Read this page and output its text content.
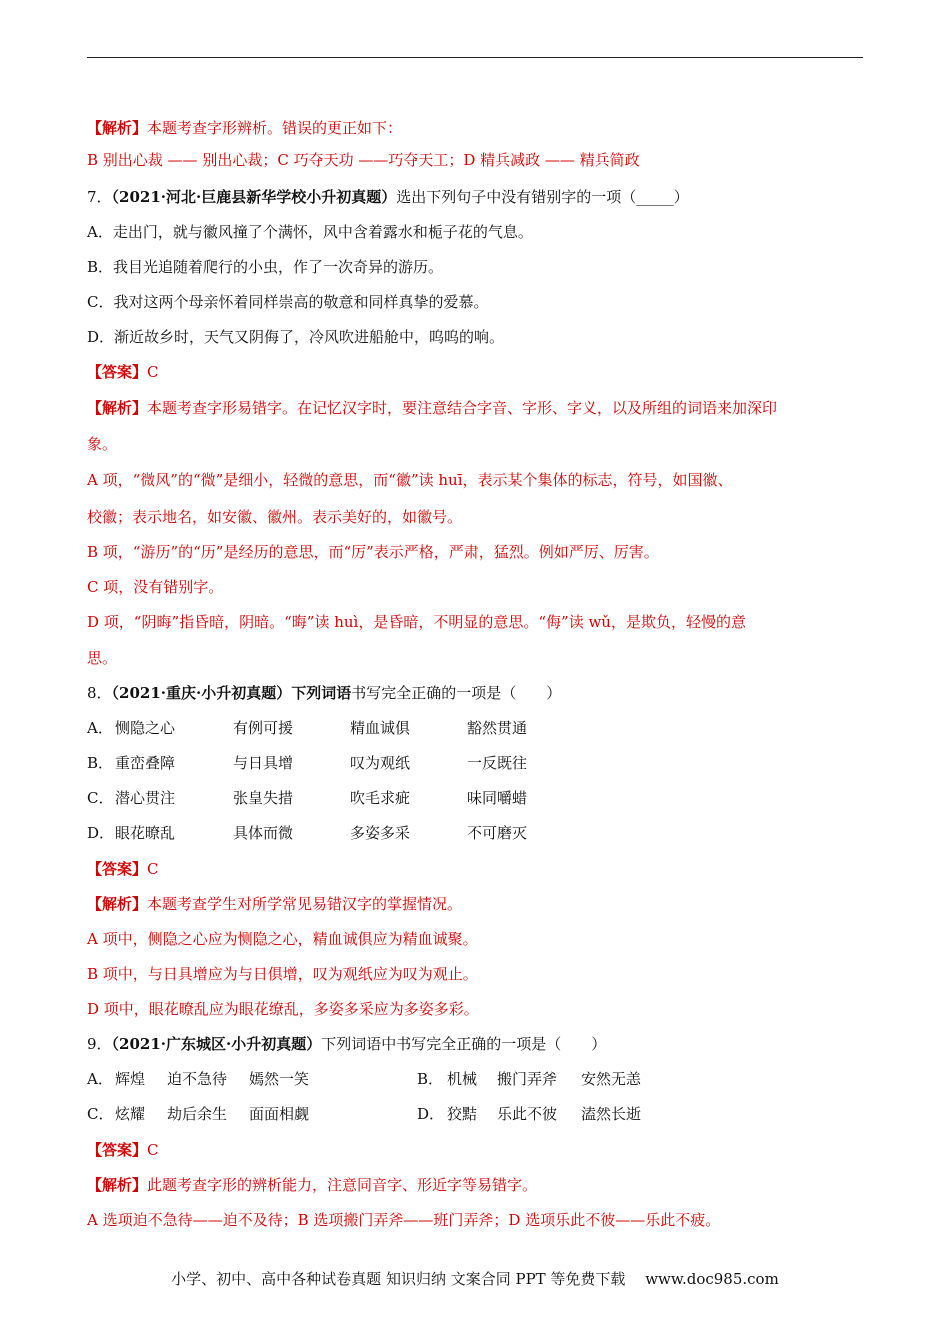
【解析】本题考查字形辨析。错误的更正如下：
B 别出心裁 —— 别出心裁；C 巧夺天功 ——巧夺天工；D 精兵减政 —— 精兵简政
7．（2021·河北·巨鹿县新华学校小升初真题）选出下列句子中没有错别字的一项（_____）
A．走出门，就与徽风撞了个满怀，风中含着露水和栀子花的气息。
B．我目光追随着爬行的小虫，作了一次奇异的游历。
C．我对这两个母亲怀着同样崇高的敬意和同样真挚的爱慕。
D．渐近故乡时，天气又阴侮了，冷风吹进船舱中，呜呜的响。
【答案】C
【解析】本题考查字形易错字。在记忆汉字时，要注意结合字音、字形、字义，以及所组的词语来加深印
象。
A 项，“微风”的“微”是细小，轻微的意思，而“徽”读 huī，表示某个集体的标志，符号，如国徽、
校徽；表示地名，如安徽、徽州。表示美好的，如徽号。
B 项，“游历”的“历”是经历的意思，而“厉”表示严格，严肃，猛烈。例如严厉、厉害。
C 项，没有错别字。
D 项，“阴晦”指昏暗，阴暗。“晦”读 huì，是昏暗，不明显的意思。“侮”读 wǔ，是欺负，轻慢的意
思。
8．（2021·重庆·小升初真题）下列词语书写完全正确的一项是（　　）
A． 恻隐之心	有例可援	精血诚俱	豁然贯通
B． 重峦叠障	与日具增	叹为观纸	一反既往
C． 潜心贯注	张皇失措	吹毛求疵	味同嚼蜡
D． 眼花暸乱	具体而微	多姿多采	不可磨灭
【答案】C
【解析】本题考查学生对所学常见易错汉字的掌握情况。
A 项中，侧隐之心应为恻隐之心，精血诚俱应为精血诚聚。
B 项中，与日具增应为与日俱增，叹为观纸应为叹为观止。
D 项中，眼花暸乱应为眼花缭乱，多姿多采应为多姿多彩。
9．（2021·广东城区·小升初真题）下列词语中书写完全正确的一项是（　　）
A． 辉煌 迫不急待 嫣然一笑	B． 机械 搬门弄斧 安然无恙
C． 炫耀 劫后余生 面面相觑	D． 狡黠 乐此不彼 溘然长逝
【答案】C
【解析】此题考查字形的辨析能力，注意同音字、形近字等易错字。
A 选项迫不急待——迫不及待；B 选项搬门弄斧——班门弄斧；D 选项乐此不彼——乐此不疲。
小学、初中、高中各种试卷真题 知识归纳 文案合同 PPT 等免费下载　 www.doc985.com
